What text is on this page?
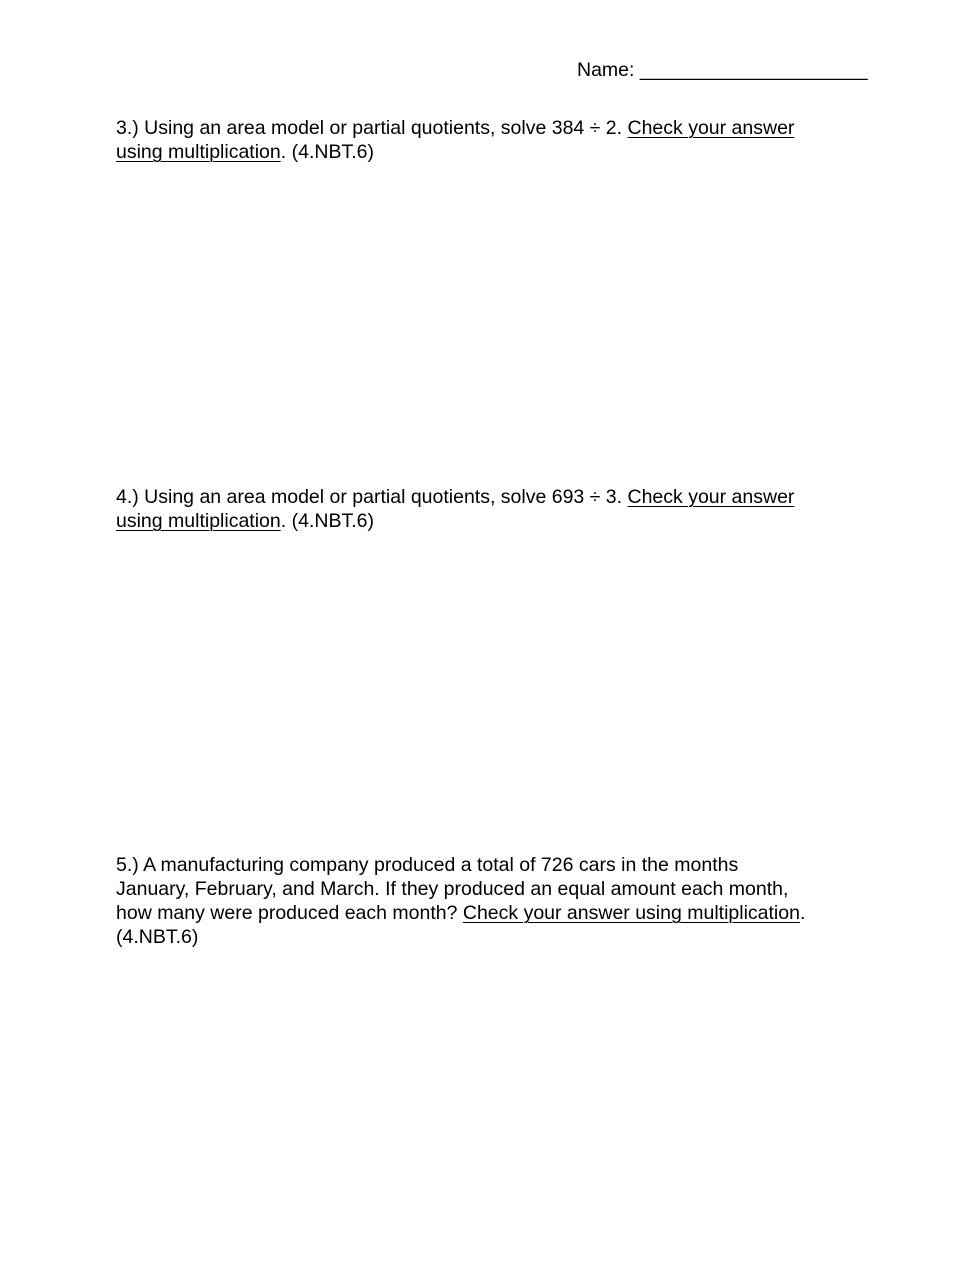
Name: _____________________
3.) Using an area model or partial quotients, solve 384 ÷ 2. Check your answer
using multiplication. (4.NBT.6)
4.) Using an area model or partial quotients, solve 693 ÷ 3. Check your answer
using multiplication. (4.NBT.6)
5.) A manufacturing company produced a total of 726 cars in the months
January, February, and March. If they produced an equal amount each month,
how many were produced each month? Check your answer using multiplication.
(4.NBT.6)
